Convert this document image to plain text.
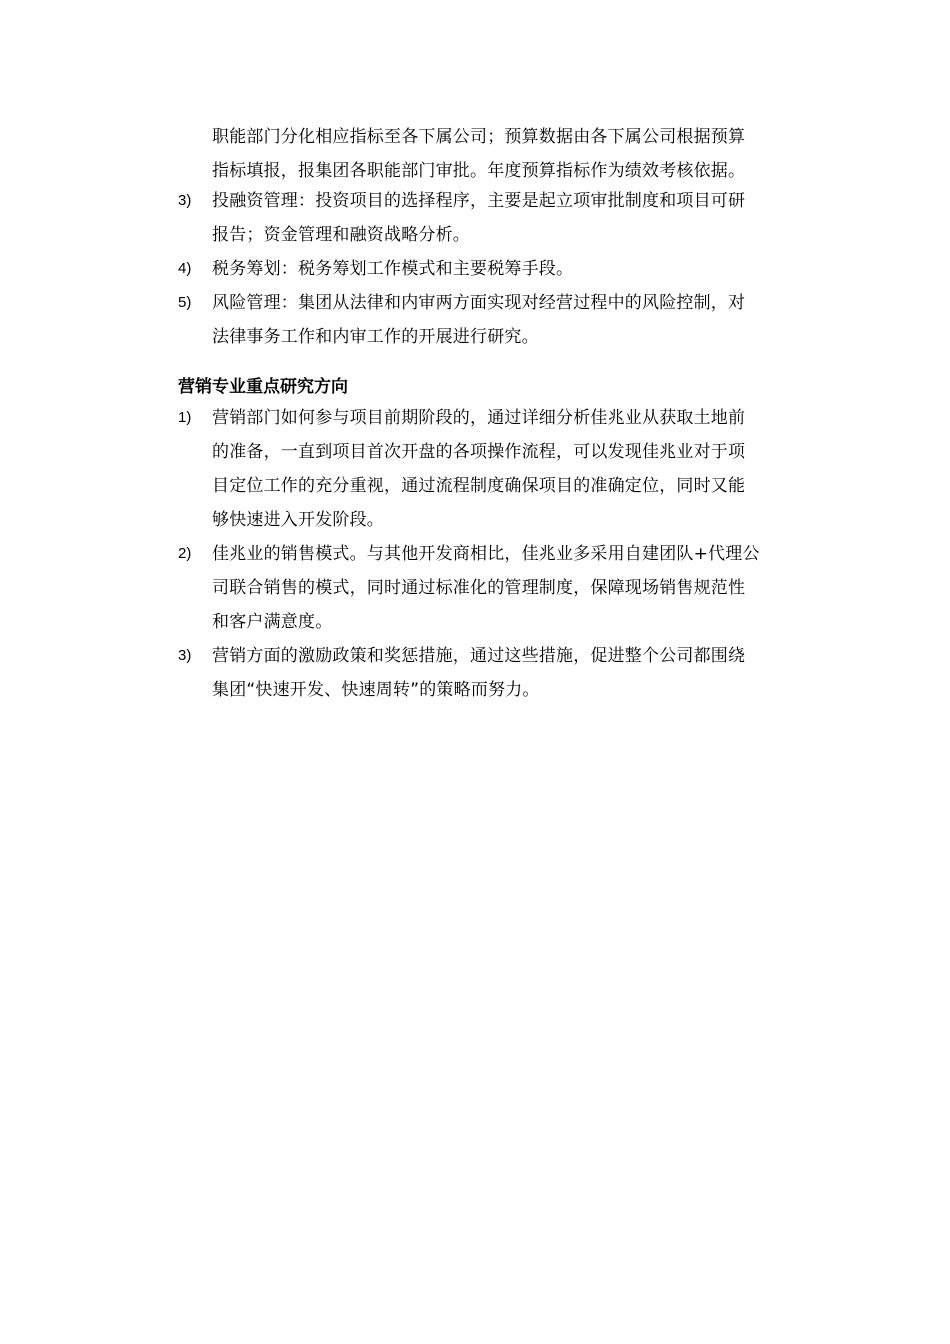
职能部门分化相应指标至各下属公司；预算数据由各下属公司根据预算
指标填报，报集团各职能部门审批。年度预算指标作为绩效考核依据。
3) 投融资管理：投资项目的选择程序，主要是起立项审批制度和项目可研
报告；资金管理和融资战略分析。
4) 税务筹划：税务筹划工作模式和主要税筹手段。
5) 风险管理：集团从法律和内审两方面实现对经营过程中的风险控制，对
法律事务工作和内审工作的开展进行研究。
营销专业重点研究方向
1) 营销部门如何参与项目前期阶段的，通过详细分析佳兆业从获取土地前
的准备，一直到项目首次开盘的各项操作流程，可以发现佳兆业对于项
目定位工作的充分重视，通过流程制度确保项目的准确定位，同时又能
够快速进入开发阶段。
2) 佳兆业的销售模式。与其他开发商相比，佳兆业多采用自建团队+代理公
司联合销售的模式，同时通过标准化的管理制度，保障现场销售规范性
和客户满意度。
3) 营销方面的激励政策和奖惩措施，通过这些措施，促进整个公司都围绕
集团“快速开发、快速周转”的策略而努力。
